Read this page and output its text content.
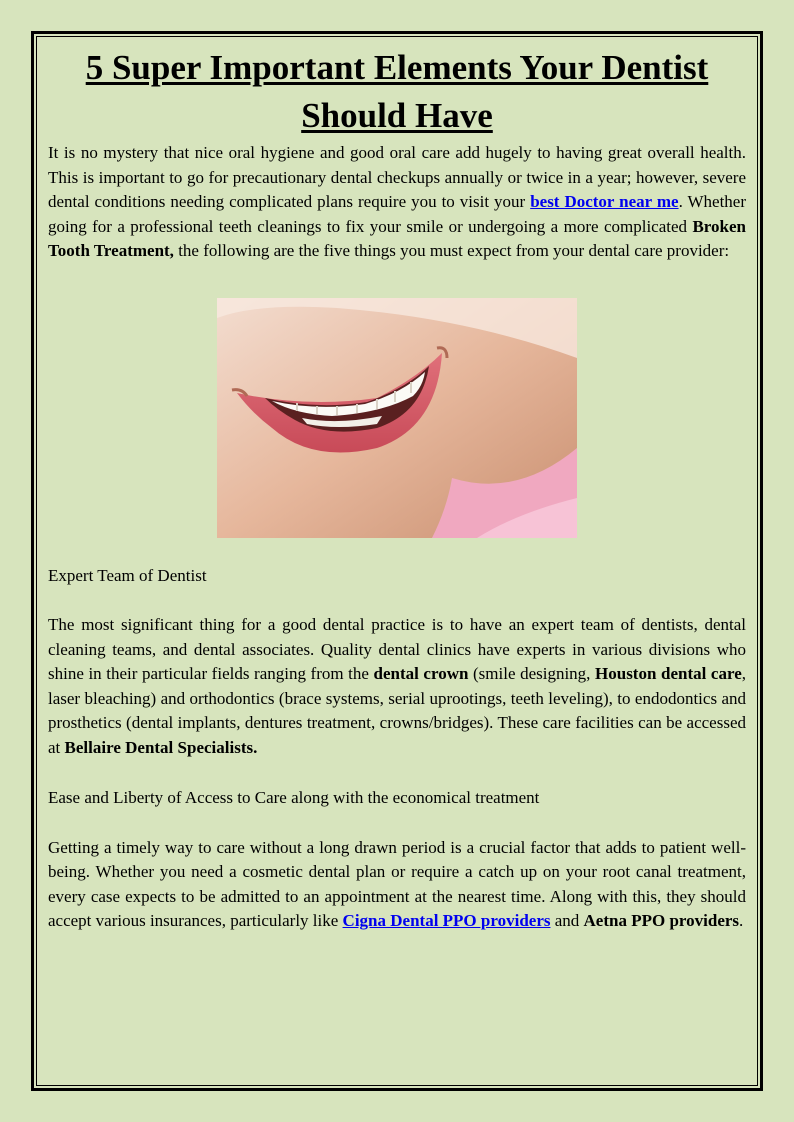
5 Super Important Elements Your Dentist Should Have

It is no mystery that nice oral hygiene and good oral care add hugely to having great overall health. This is important to go for precautionary dental checkups annually or twice in a year; however, severe dental conditions needing complicated plans require you to visit your best Doctor near me. Whether going for a professional teeth cleanings to fix your smile or undergoing a more complicated Broken Tooth Treatment, the following are the five things you must expect from your dental care provider:

Expert Team of Dentist

The most significant thing for a good dental practice is to have an expert team of dentists, dental cleaning teams, and dental associates. Quality dental clinics have experts in various divisions who shine in their particular fields ranging from the dental crown (smile designing, Houston dental care, laser bleaching) and orthodontics (brace systems, serial uprootings, teeth leveling), to endodontics and prosthetics (dental implants, dentures treatment, crowns/bridges). These care facilities can be accessed at Bellaire Dental Specialists.

Ease and Liberty of Access to Care along with the economical treatment

Getting a timely way to care without a long drawn period is a crucial factor that adds to patient well-being. Whether you need a cosmetic dental plan or require a catch up on your root canal treatment, every case expects to be admitted to an appointment at the nearest time. Along with this, they should accept various insurances, particularly like Cigna Dental PPO providers and Aetna PPO providers.
